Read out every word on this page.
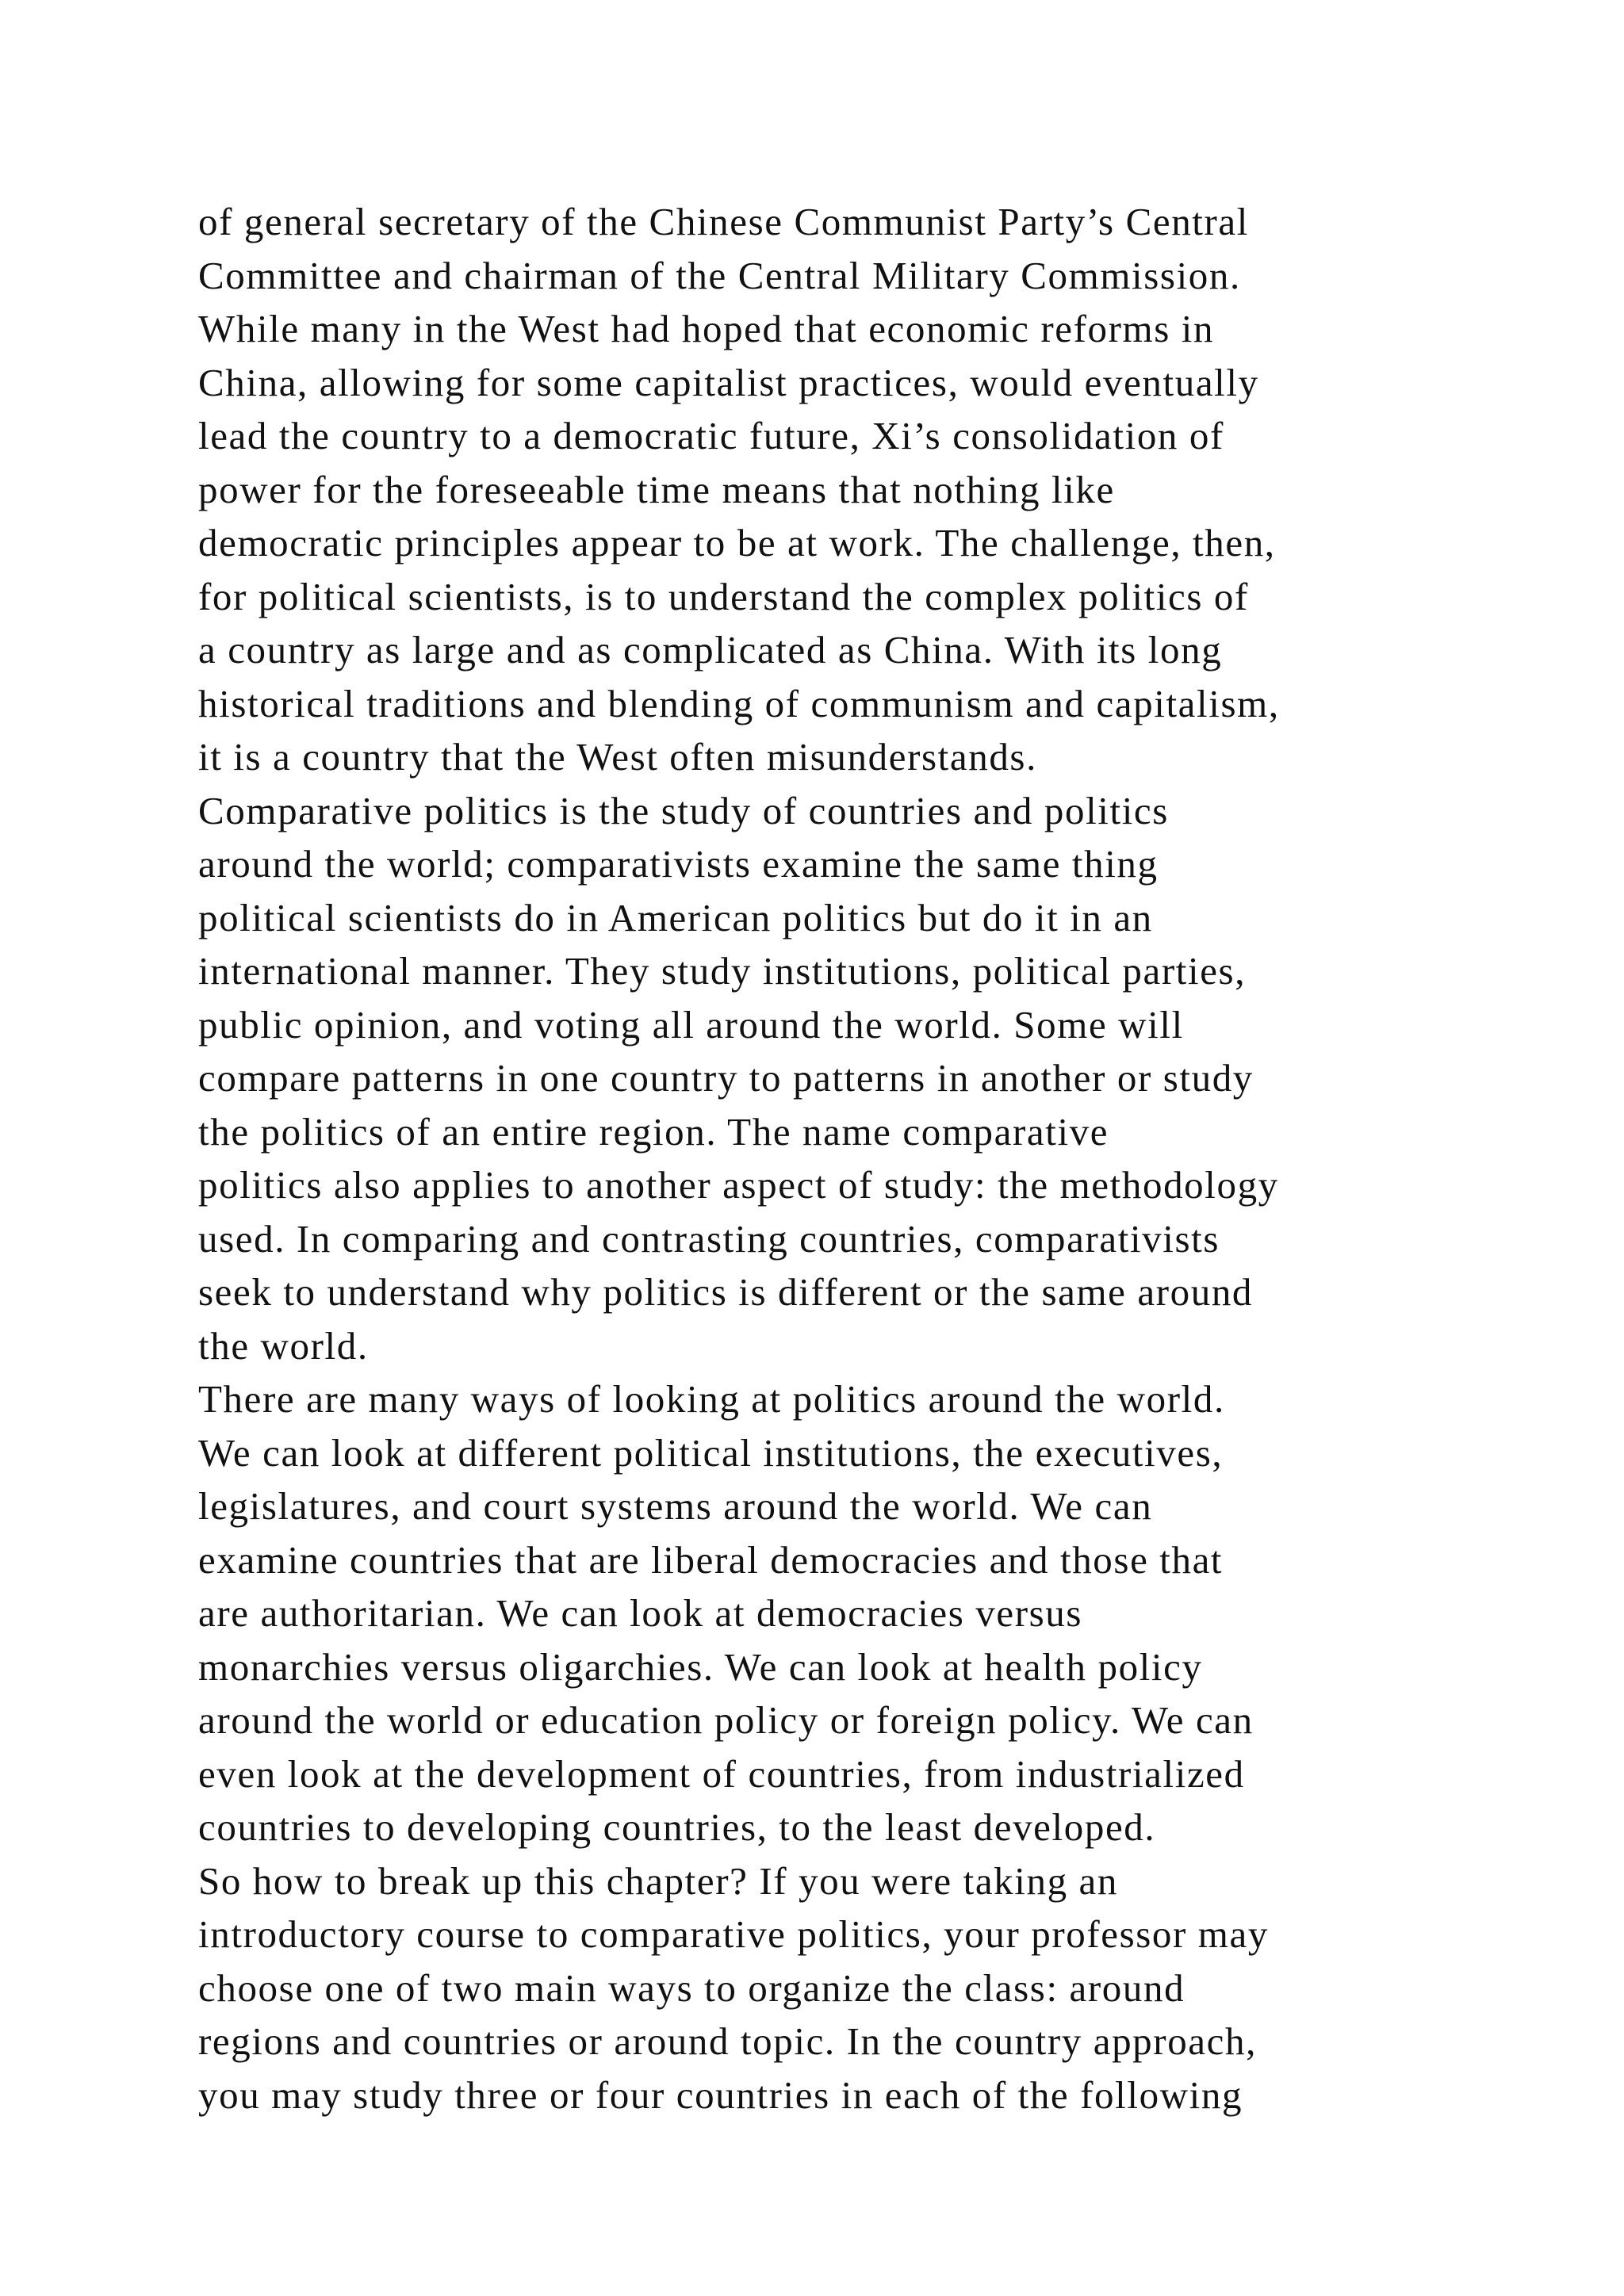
of general secretary of the Chinese Communist Party’s Central
Committee and chairman of the Central Military Commission.
While many in the West had hoped that economic reforms in
China, allowing for some capitalist practices, would eventually
lead the country to a democratic future, Xi’s consolidation of
power for the foreseeable time means that nothing like
democratic principles appear to be at work. The challenge, then,
for political scientists, is to understand the complex politics of
a country as large and as complicated as China. With its long
historical traditions and blending of communism and capitalism,
it is a country that the West often misunderstands.
Comparative politics is the study of countries and politics
around the world; comparativists examine the same thing
political scientists do in American politics but do it in an
international manner. They study institutions, political parties,
public opinion, and voting all around the world. Some will
compare patterns in one country to patterns in another or study
the politics of an entire region. The name comparative
politics also applies to another aspect of study: the methodology
used. In comparing and contrasting countries, comparativists
seek to understand why politics is different or the same around
the world.
There are many ways of looking at politics around the world.
We can look at different political institutions, the executives,
legislatures, and court systems around the world. We can
examine countries that are liberal democracies and those that
are authoritarian. We can look at democracies versus
monarchies versus oligarchies. We can look at health policy
around the world or education policy or foreign policy. We can
even look at the development of countries, from industrialized
countries to developing countries, to the least developed.
So how to break up this chapter? If you were taking an
introductory course to comparative politics, your professor may
choose one of two main ways to organize the class: around
regions and countries or around topic. In the country approach,
you may study three or four countries in each of the following
